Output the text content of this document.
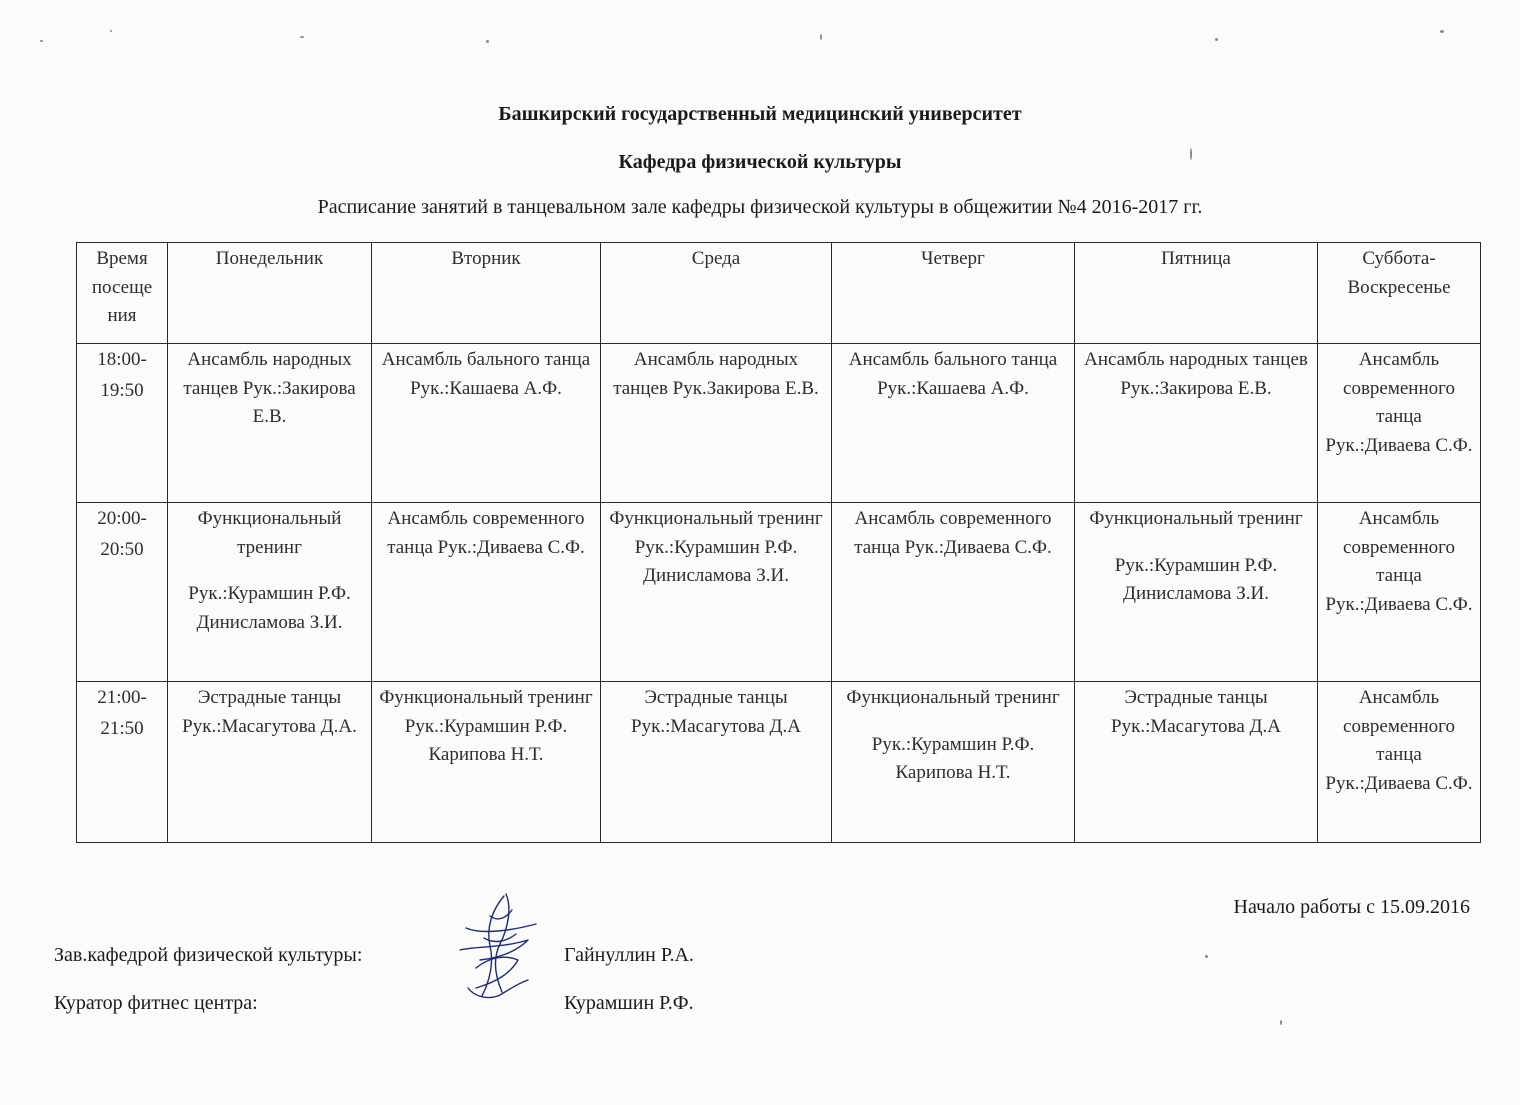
Башкирский государственный медицинский университет
Кафедра физической культуры
Расписание занятий в танцевальном зале кафедры физической культуры в общежитии №4 2016-2017 гг.
Время
посеще
ния	Понедельник	Вторник	Среда	Четверг	Пятница	Суббота-
Воскресенье

18:00-
19:50	Ансамбль народных танцев Рук.:Закирова Е.В.	Ансамбль бального танца Рук.:Кашаева А.Ф.	Ансамбль народных танцев Рук.Закирова Е.В.	Ансамбль бального танца Рук.:Кашаева А.Ф.	Ансамбль народных танцев Рук.:Закирова Е.В.	Ансамбль современного танца Рук.:Диваева С.Ф.

20:00-
20:50	Функциональный тренинг
Рук.:Курамшин Р.Ф. Динисламова З.И.	Ансамбль современного танца Рук.:Диваева С.Ф.	Функциональный тренинг Рук.:Курамшин Р.Ф. Динисламова З.И.	Ансамбль современного танца Рук.:Диваева С.Ф.	Функциональный тренинг
Рук.:Курамшин Р.Ф. Динисламова З.И.	Ансамбль современного танца Рук.:Диваева С.Ф.

21:00-
21:50	Эстрадные танцы Рук.:Масагутова Д.А.	Функциональный тренинг Рук.:Курамшин Р.Ф. Карипова Н.Т.	Эстрадные танцы Рук.:Масагутова Д.А	Функциональный тренинг
Рук.:Курамшин Р.Ф. Карипова Н.Т.	Эстрадные танцы Рук.:Масагутова Д.А	Ансамбль современного танца Рук.:Диваева С.Ф.
Начало работы с 15.09.2016
Зав.кафедрой физической культуры:	Гайнуллин Р.А.
Куратор фитнес центра:	Курамшин Р.Ф.
